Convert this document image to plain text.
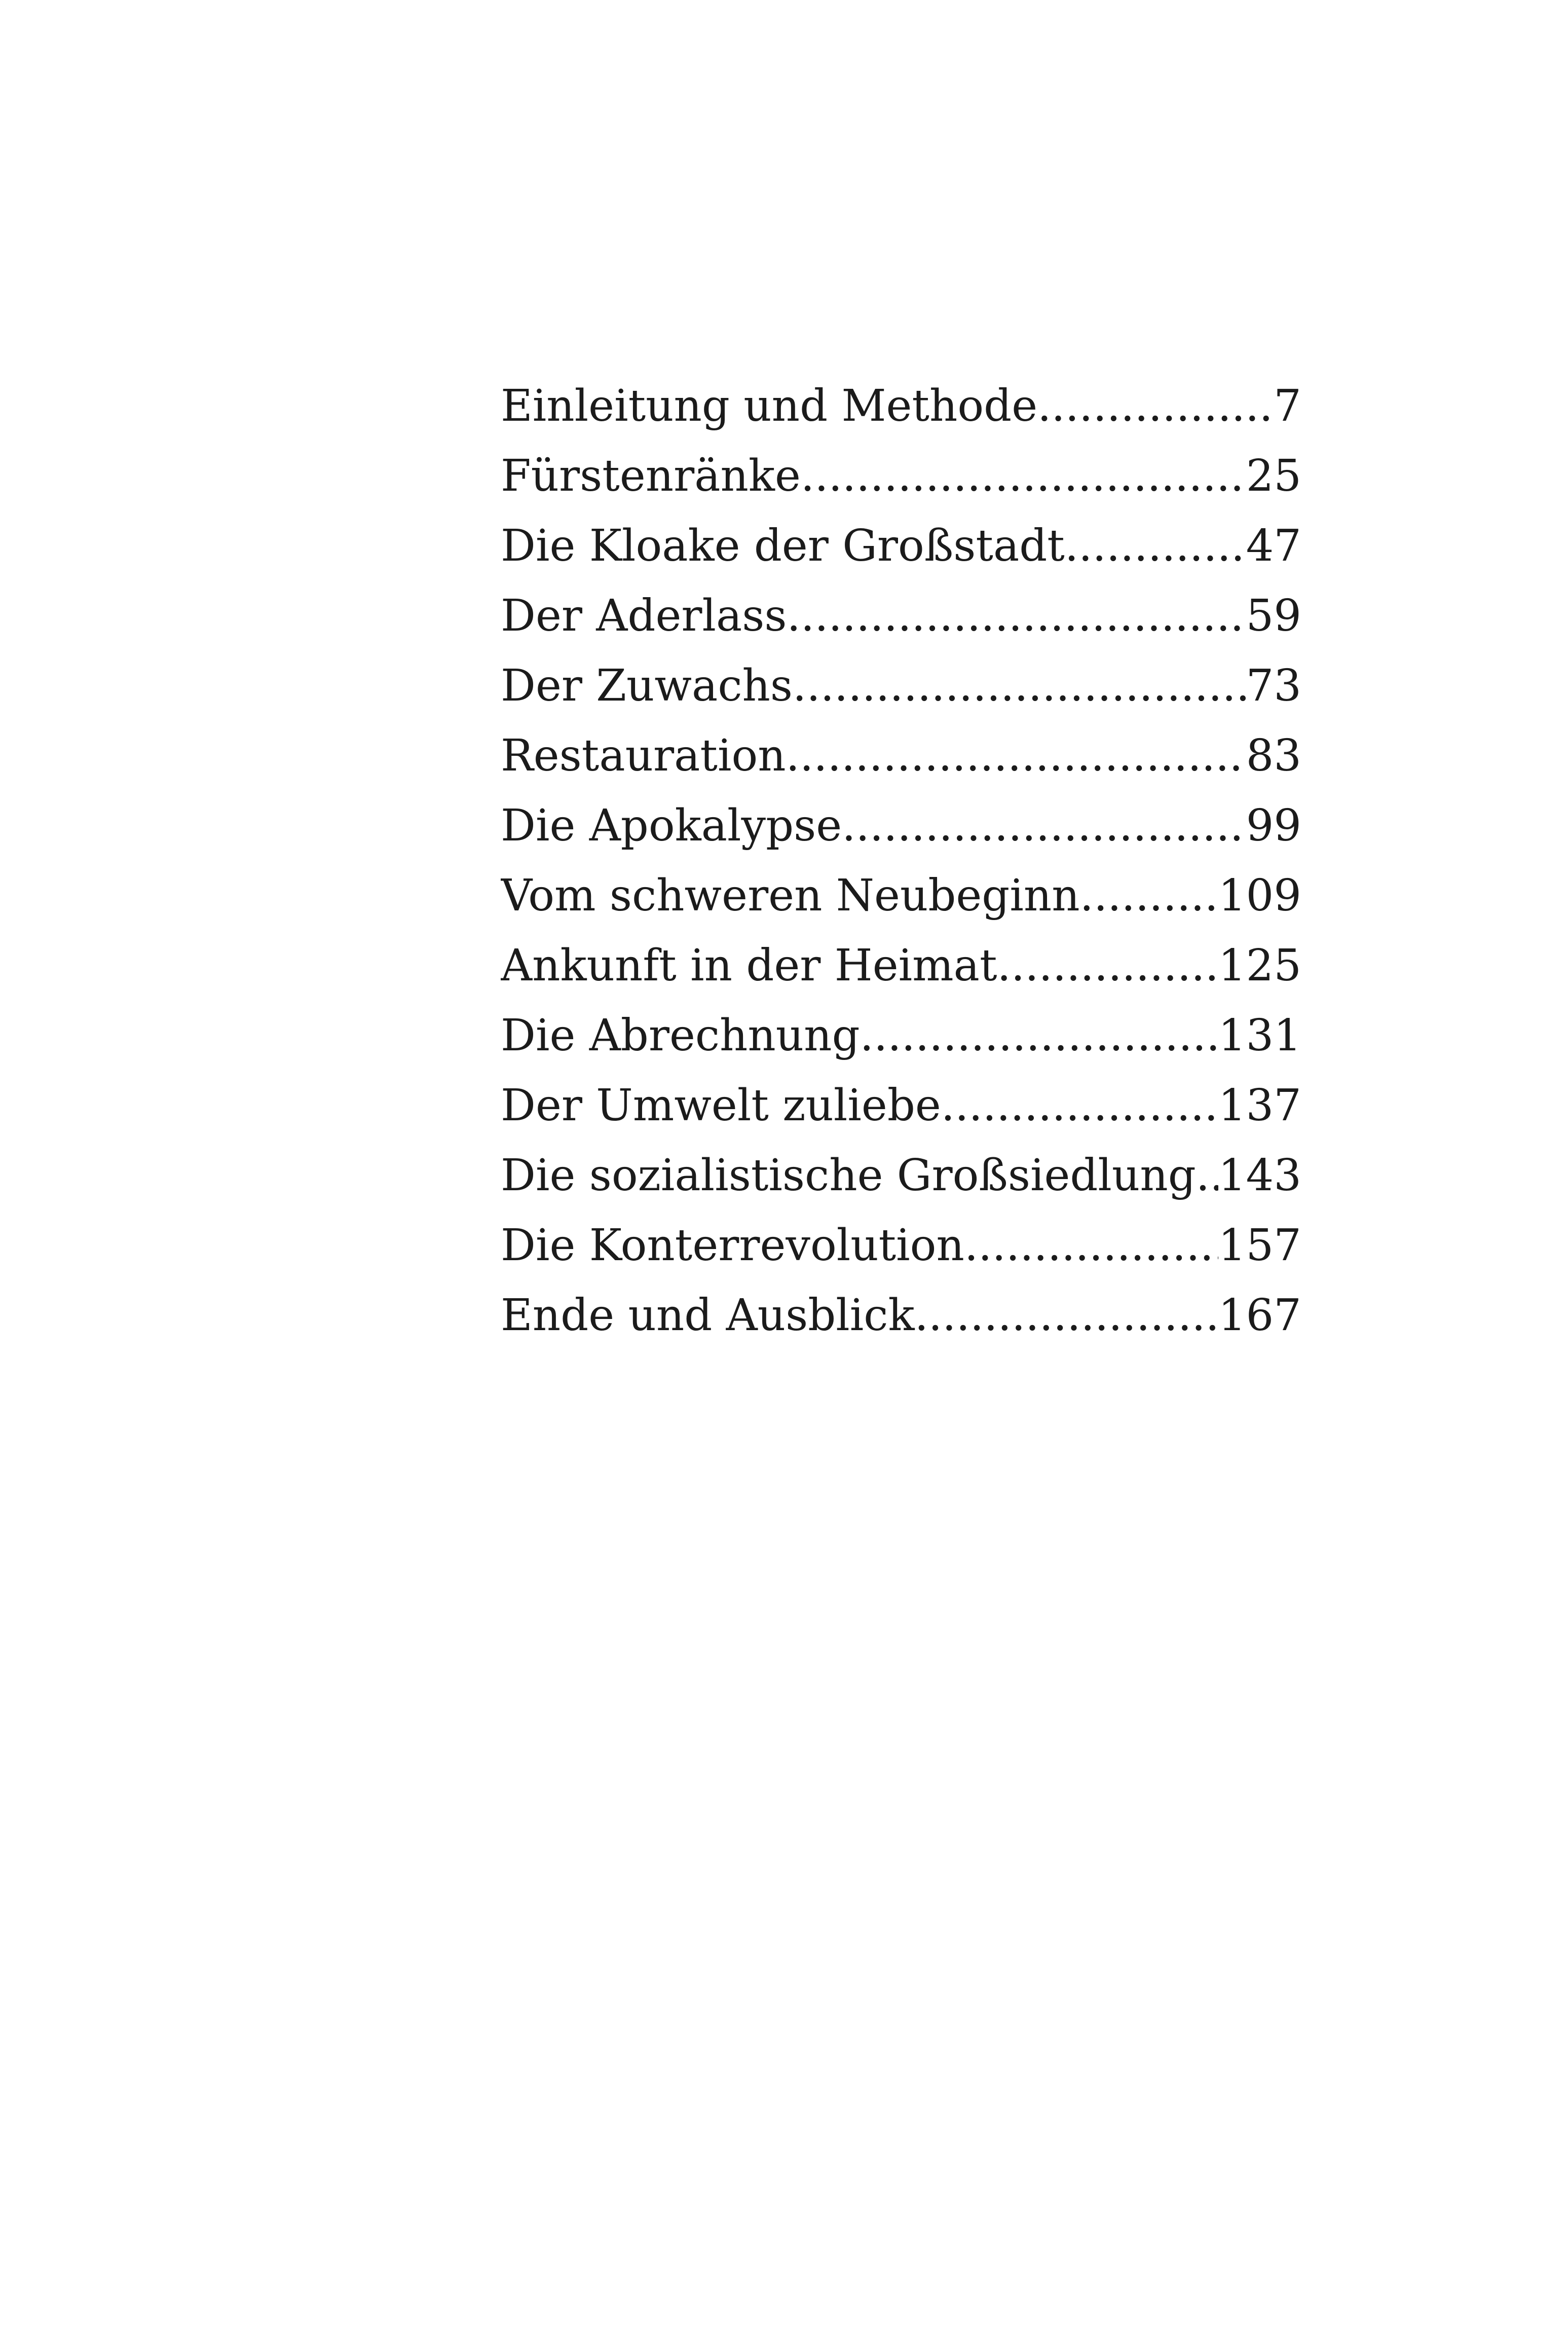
Einleitung und Methode .....	7
Fürstenränke .....	25
Die Kloake der Großstadt .....	47
Der Aderlass .....	59
Der Zuwachs .....	73
Restauration .....	83
Die Apokalypse .....	99
Vom schweren Neubeginn .....	109
Ankunft in der Heimat .....	125
Die Abrechnung .....	131
Der Umwelt zuliebe .....	137
Die sozialistische Großsiedlung ..... 143
Die Konterrevolution .....	157
Ende und Ausblick .....	167
